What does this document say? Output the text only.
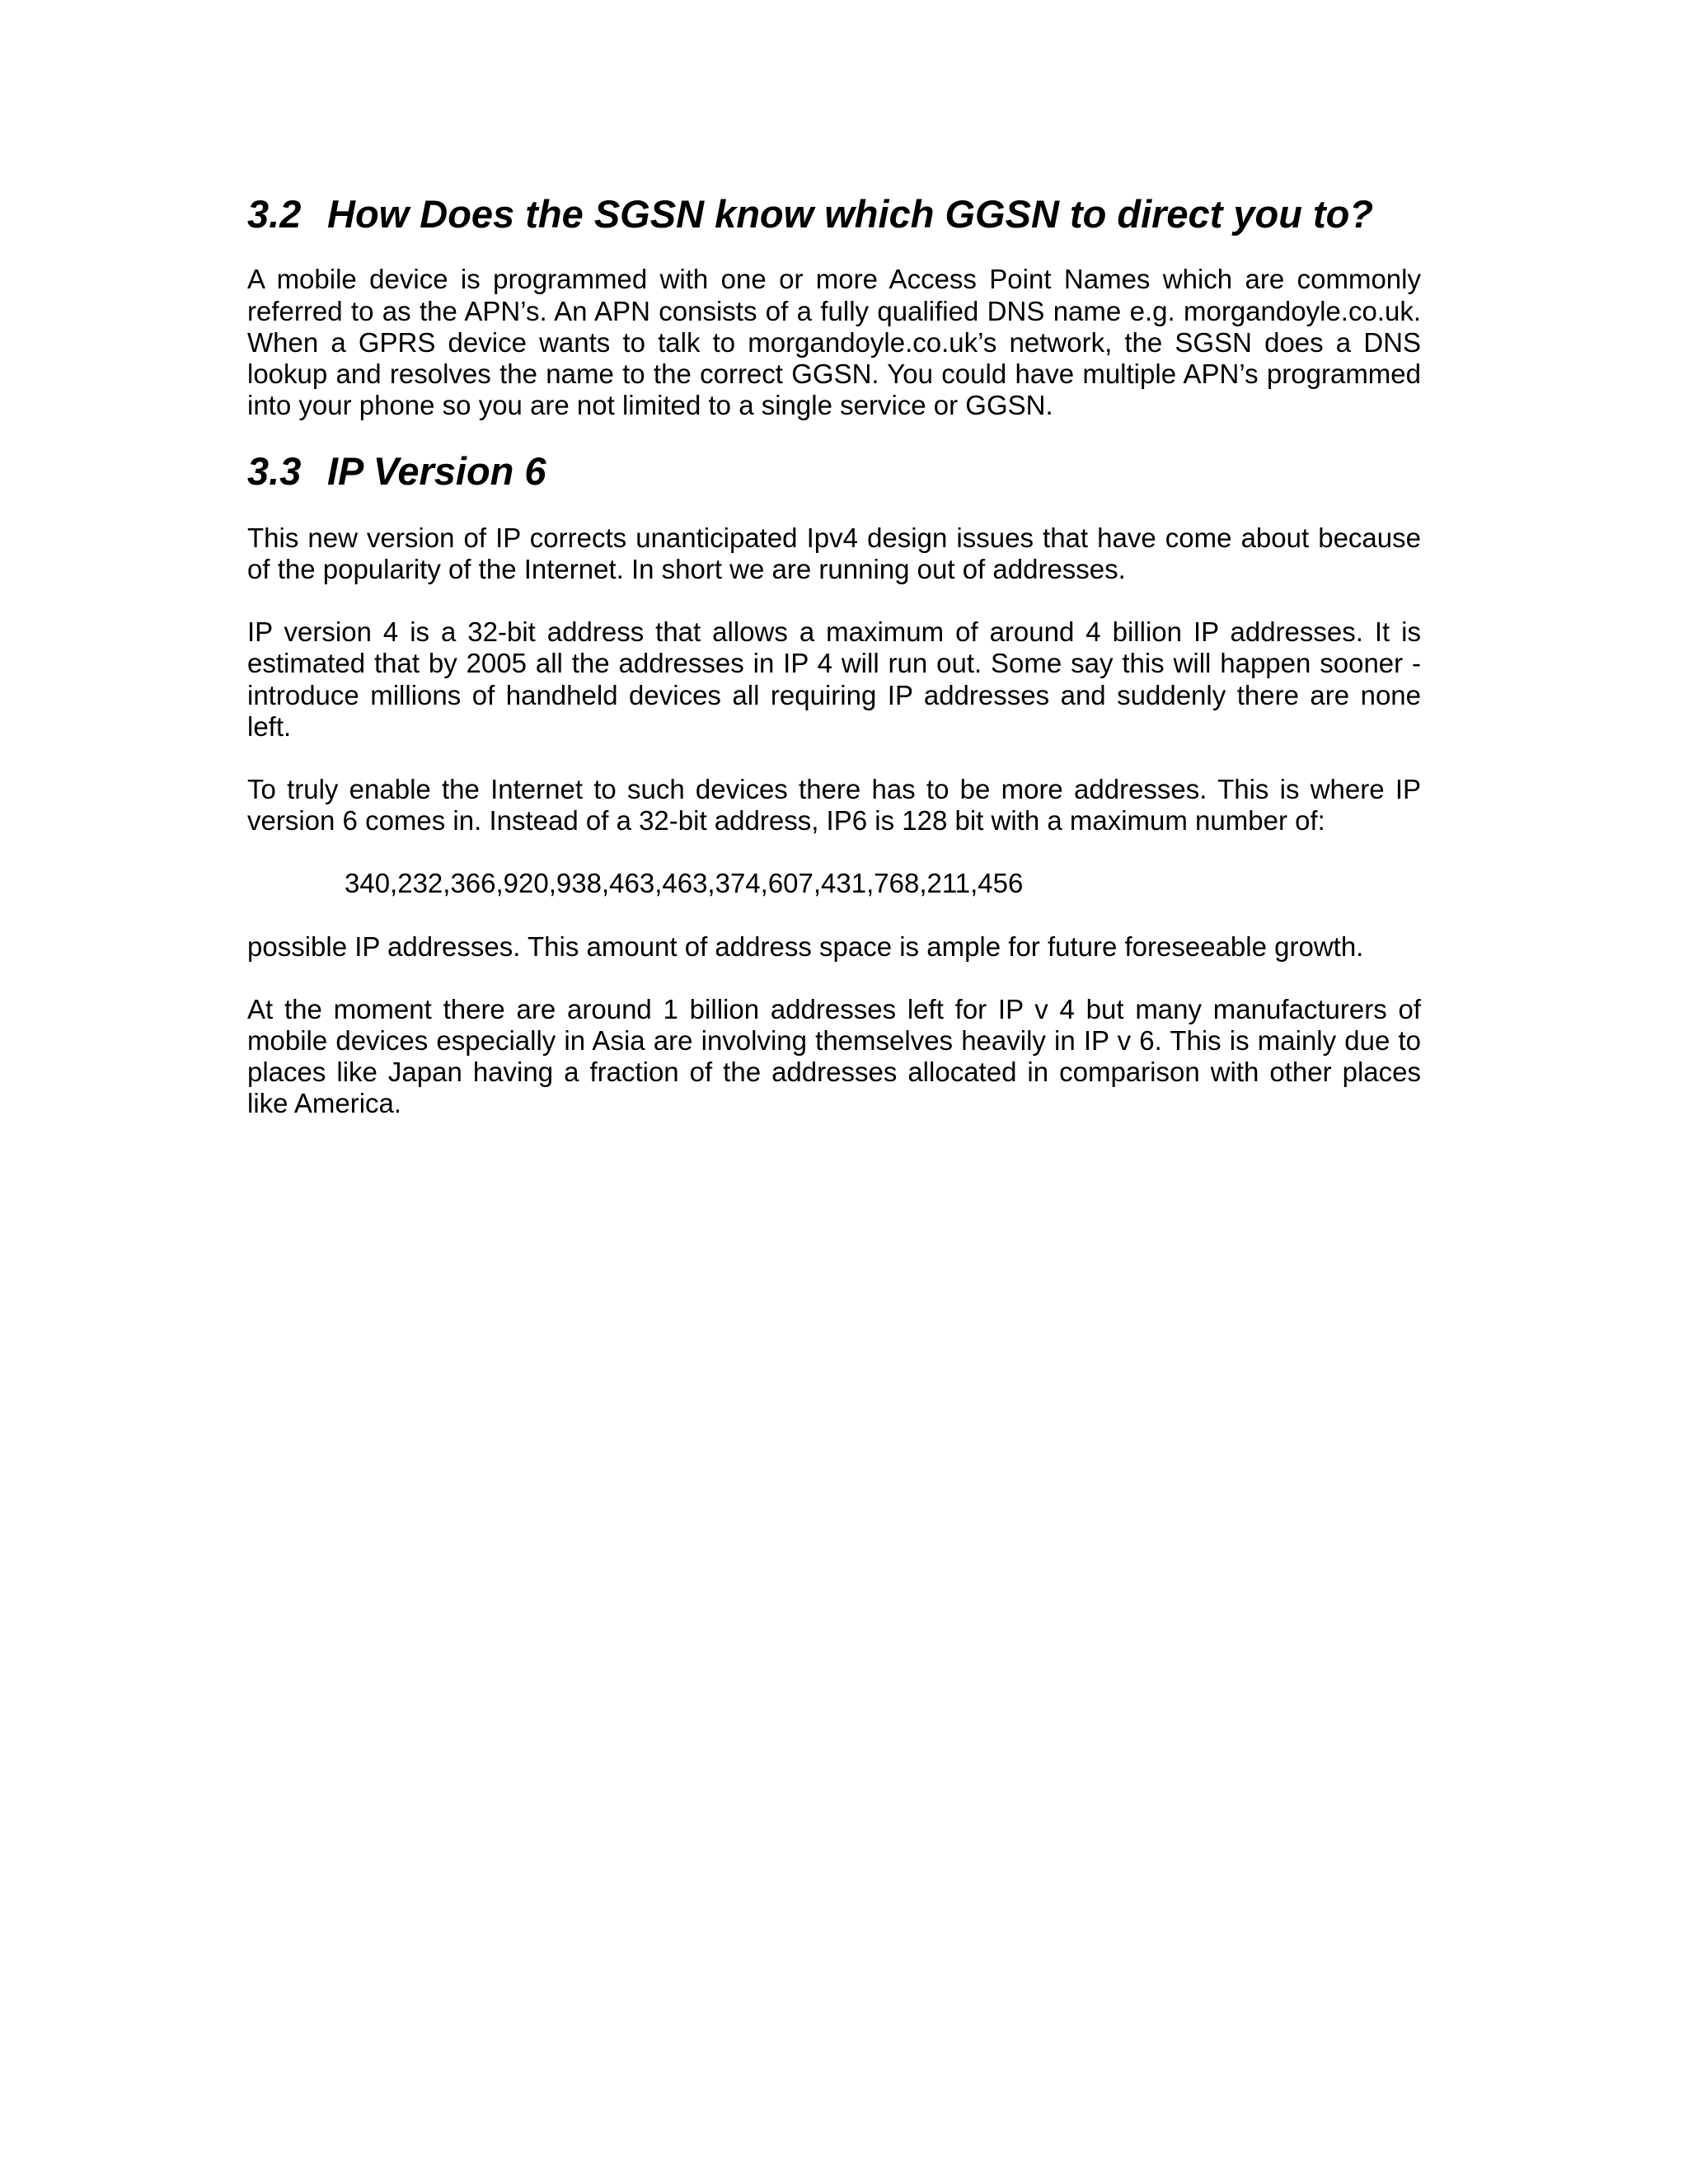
3.2 How Does the SGSN know which GGSN to direct you to?

A mobile device is programmed with one or more Access Point Names which are commonly referred to as the APN’s. An APN consists of a fully qualified DNS name e.g. morgandoyle.co.uk. When a GPRS device wants to talk to morgandoyle.co.uk’s network, the SGSN does a DNS lookup and resolves the name to the correct GGSN. You could have multiple APN’s programmed into your phone so you are not limited to a single service or GGSN.

3.3 IP Version 6

This new version of IP corrects unanticipated Ipv4 design issues that have come about because of the popularity of the Internet. In short we are running out of addresses.

IP version 4 is a 32-bit address that allows a maximum of around 4 billion IP addresses. It is estimated that by 2005 all the addresses in IP 4 will run out. Some say this will happen sooner - introduce millions of handheld devices all requiring IP addresses and suddenly there are none left.

To truly enable the Internet to such devices there has to be more addresses. This is where IP version 6 comes in. Instead of a 32-bit address, IP6 is 128 bit with a maximum number of:

340,232,366,920,938,463,463,374,607,431,768,211,456

possible IP addresses. This amount of address space is ample for future foreseeable growth.

At the moment there are around 1 billion addresses left for IP v 4 but many manufacturers of mobile devices especially in Asia are involving themselves heavily in IP v 6. This is mainly due to places like Japan having a fraction of the addresses allocated in comparison with other places like America.
